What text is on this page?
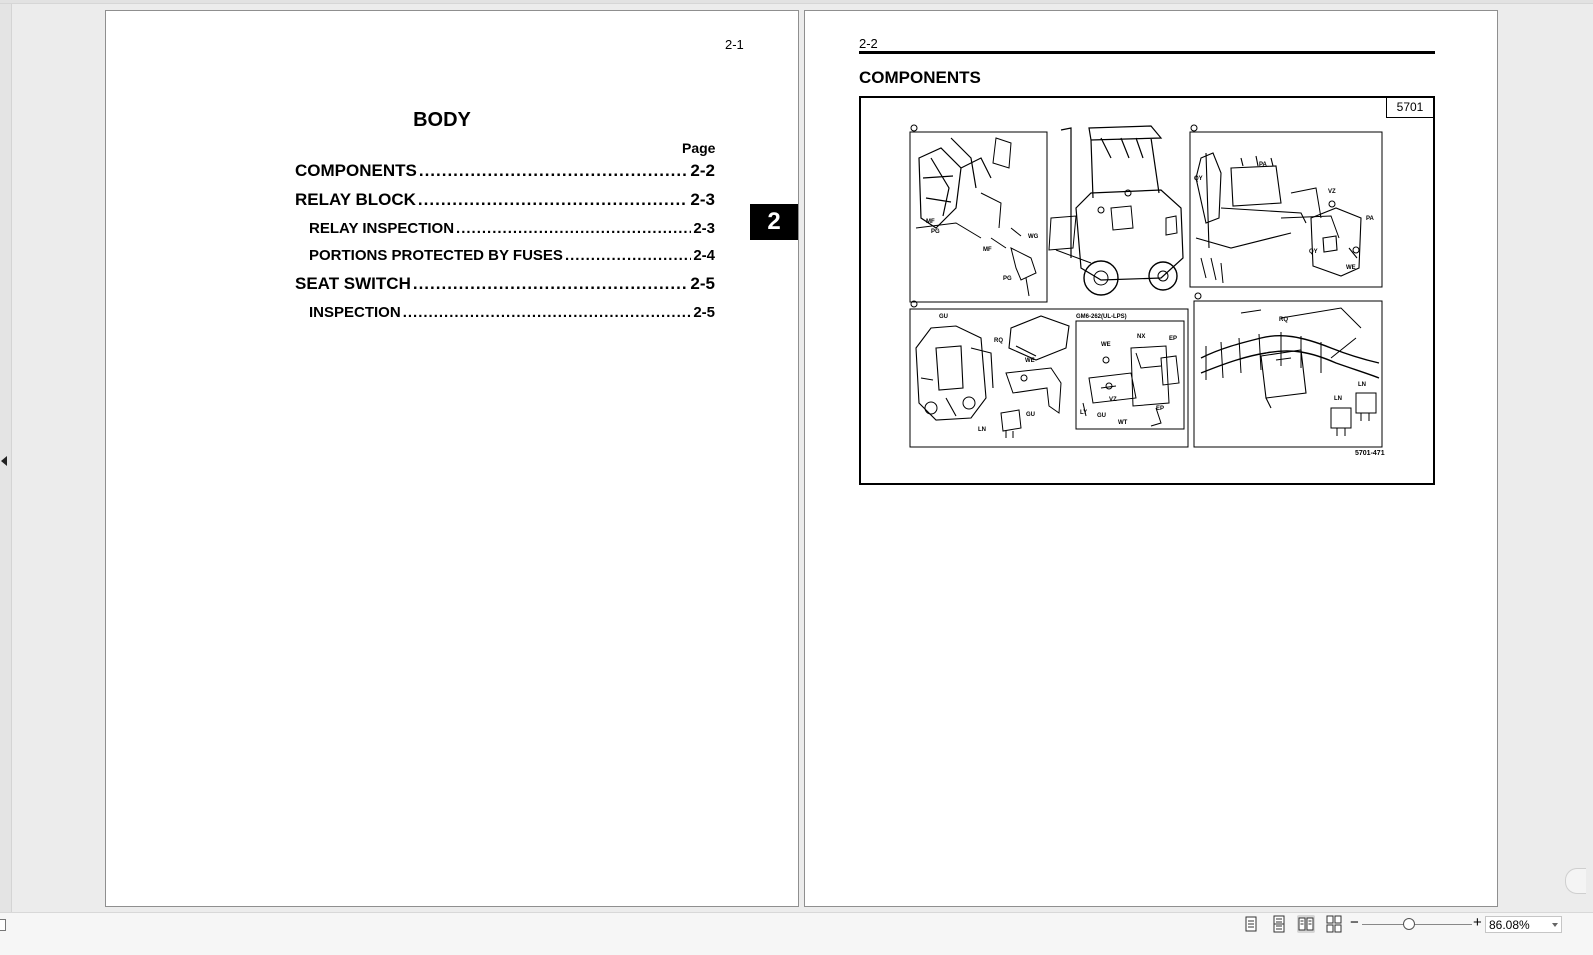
2-1
BODY
Page
COMPONENTS .....	2-2
RELAY BLOCK .....	2-3
RELAY INSPECTION .....	2-3
PORTIONS PROTECTED BY FUSES .....	2-4
SEAT SWITCH .....	2-5
INSPECTION .....	2-5
2
2-2
COMPONENTS
5701
MF
PG
WG
MF
PG
PA
QY
VZ
PA
QY
WE
GU
RQ
WE
GU
LN
GM6-262(UL-LPS)
NX	EP
WE
LY
VZ
GU
WT
EP
RQ
LN
LN
5701-471
−	+ 86.08%
